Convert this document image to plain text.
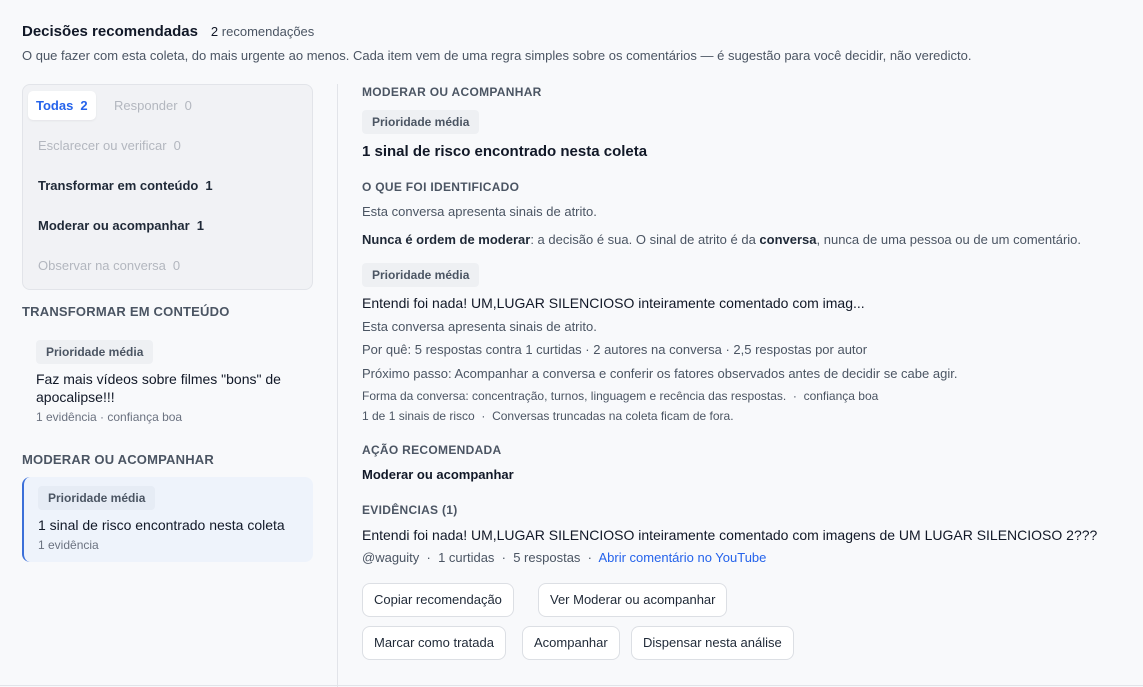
Decisões recomendadas 2 recomendações
O que fazer com esta coleta, do mais urgente ao menos. Cada item vem de uma regra simples sobre os comentários — é sugestão para você decidir, não veredicto.
Todas 2 Responder 0
Esclarecer ou verificar 0
Transformar em conteúdo 1
Moderar ou acompanhar 1
Observar na conversa 0
TRANSFORMAR EM CONTEÚDO
Prioridade média
Faz mais vídeos sobre filmes "bons" de apocalipse!!!
1 evidência · confiança boa
MODERAR OU ACOMPANHAR
Prioridade média
1 sinal de risco encontrado nesta coleta
1 evidência
MODERAR OU ACOMPANHAR
Prioridade média
1 sinal de risco encontrado nesta coleta
O QUE FOI IDENTIFICADO
Esta conversa apresenta sinais de atrito.
Nunca é ordem de moderar: a decisão é sua. O sinal de atrito é da conversa, nunca de uma pessoa ou de um comentário.
Prioridade média
Entendi foi nada! UM,LUGAR SILENCIOSO inteiramente comentado com imag...
Esta conversa apresenta sinais de atrito.
Por quê: 5 respostas contra 1 curtidas · 2 autores na conversa · 2,5 respostas por autor
Próximo passo: Acompanhar a conversa e conferir os fatores observados antes de decidir se cabe agir.
Forma da conversa: concentração, turnos, linguagem e recência das respostas.  ·  confiança boa
1 de 1 sinais de risco  ·  Conversas truncadas na coleta ficam de fora.
AÇÃO RECOMENDADA
Moderar ou acompanhar
EVIDÊNCIAS (1)
Entendi foi nada! UM,LUGAR SILENCIOSO inteiramente comentado com imagens de UM LUGAR SILENCIOSO 2???
@waguity  ·  1 curtidas  ·  5 respostas  ·  Abrir comentário no YouTube
Copiar recomendação	Ver Moderar ou acompanhar
Marcar como tratada	Acompanhar	Dispensar nesta análise
